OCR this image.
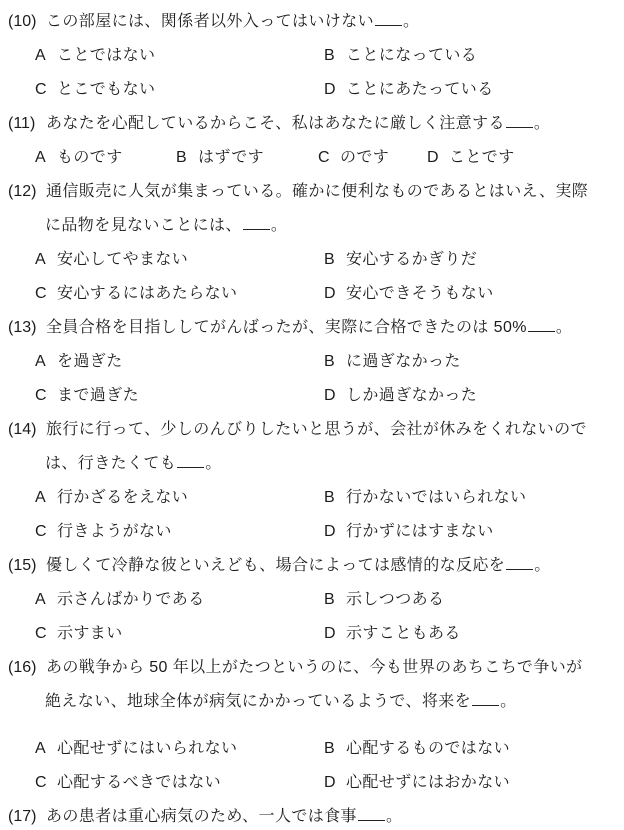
(10) この部屋には、関係者以外入ってはいけない 。
A ことではない	B ことになっている
C とこでもない	D ことにあたっている
(11) あなたを心配しているからこそ、私はあなたに厳しく注意する 。
A ものです	B はずです	C のです	D ことです
(12) 通信販売に人気が集まっている。確かに便利なものであるとはいえ、実際
に品物を見ないことには、 。
A 安心してやまない	B 安心するかぎりだ
C 安心するにはあたらない	D 安心できそうもない
(13) 全員合格を目指ししてがんばったが、実際に合格できたのは 50% 。
A を過ぎた	B に過ぎなかった
C まで過ぎた	D しか過ぎなかった
(14) 旅行に行って、少しのんびりしたいと思うが、会社が休みをくれないので
は、行きたくても 。
A 行かざるをえない	B 行かないではいられない
C 行きようがない	D 行かずにはすまない
(15) 優しくて冷静な彼といえども、場合によっては感情的な反応を 。
A 示さんばかりである	B 示しつつある
C 示すまい	D 示すこともある
(16) あの戦争から 50 年以上がたつというのに、今も世界のあちこちで争いが
絶えない、地球全体が病気にかかっているようで、将来を 。
A 心配せずにはいられない	B 心配するものではない
C 心配するべきではない	D 心配せずにはおかない
(17) あの患者は重心病気のため、一人では食事 。
